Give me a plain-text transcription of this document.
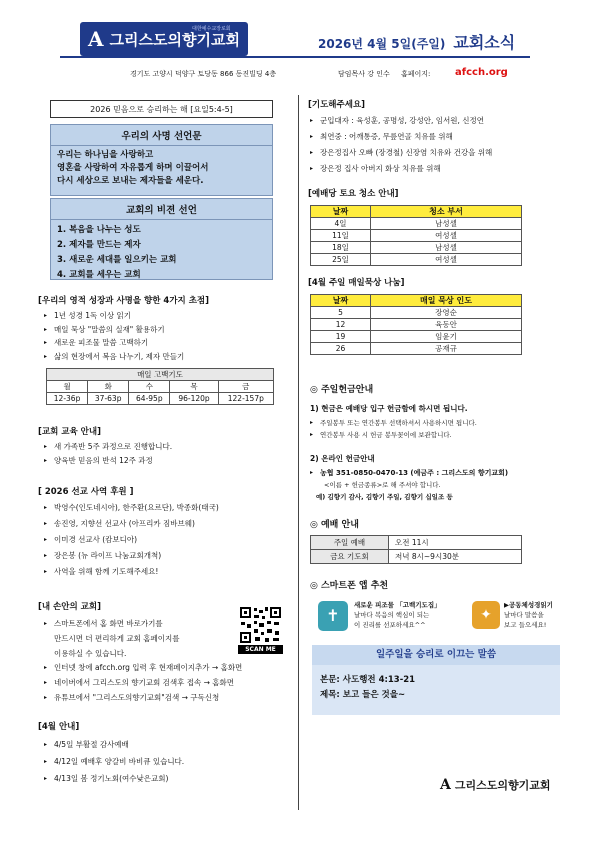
A 그리스도의향기교회
대한예수교장로회
2026년 4월 5일(주일) 교회소식
경기도 고양시 덕양구 토당동 866 동진빌딩 4층	담임목사 강 인수 홈페이지: afcch.org
2026 믿음으로 승리하는 해 [요일5:4-5]
우리의 사명 선언문
우리는 하나님을 사랑하고
영혼을 사랑하여 자유롭게 하며 이끌어서
다시 세상으로 보내는 제자들을 세운다.
교회의 비젼 선언
1. 복음을 나누는 성도
2. 제자를 만드는 제자
3. 새로운 세대를 일으키는 교회
4. 교회를 세우는 교회
[우리의 영적 성장과 사명을 향한 4가지 초점]
▸ 1년 성경 1독 이상 읽기
▸ 매일 묵상 "말씀의 실재" 활용하기
▸ 새로운 피조물 말씀 고백하기
▸ 삶의 현장에서 복음 나누기, 제자 만들기
매일 고백기도				
월	화	수	목	금
12-36p	37-63p	64-95p	96-120p	122-157p
[교회 교육 안내]
▸ 새 가족반 5주 과정으로 진행합니다.
▸ 양육반 믿음의 반석 12주 과정
[ 2026 선교 사역 후원 ]
▸ 박영수(인도네시아), 한주환(요르단), 박종화(태국)
▸ 송진영, 지향선 선교사 (아프리카 짐바브웨)
▸ 이미경 선교사 (캄보디아)
▸ 장은봉 (뉴 라이프 나눔교회개척)
▸ 사역을 위해 함께 기도해주세요!
[내 손안의 교회]
▸ 스마트폰에서 홈 화면 바로가기를
만드시면 더 편리하게 교회 홈페이지를
이용하실 수 있습니다.	SCAN ME
▸ 인터넷 창에 afcch.org 입력 후 현재페이지추가 → 홈화면
▸ 네이버에서 그리스도의 향기교회 검색후 접속 → 홈화면
▸ 유튜브에서 "그리스도의향기교회"검색 → 구독신청
[4월 안내]
▸ 4/5일 부활절 감사예배
▸ 4/12일 예배후 양갈비 바비큐 있습니다.
▸ 4/13일 봄 정기노회(여수낮은교회)
[기도해주세요]
▸ 군입대자 : 육성훈, 공명성, 강성안, 임서원, 신정연
▸ 최연중 : 어깨통증, 무릎연골 치유를 위해
▸ 장은정집사 오빠 (장경철) 신장염 치유와 건강을 위해
▸ 장은정 집사 아버지 화상 치유를 위해
[예배당 토요 청소 안내]
날짜	청소 부서
4일	남성셀
11일	여성셀
18일	남성셀
25일	여성셀
[4월 주일 매일묵상 나눔]
날짜	매일 묵상 인도
5	장영순
12	육동안
19	임윤기
26	공재규
◎ 주일헌금안내
1) 현금은 예배당 입구 헌금함에 하시면 됩니다.
▸ 주일봉투 또는 연간봉투 선택하셔서 사용하시면 됩니다.
▸ 연간봉투 사용 시 헌금 봉투꽂이에 보관합니다.
2) 온라인 헌금안내
▸ 농협 351-0850-0470-13 (예금주 : 그리스도의 향기교회)
<이름 + 헌금종류>로 해 주셔야 합니다.
예) 김향기 감사, 김향기 주일, 김향기 십일조 등
◎ 예배 안내
주일 예배	오전 11시
금요 기도회	저녁 8시~9시30분
◎ 스마트폰 앱 추천
✝
새로운 피조물 「고백기도집」
날마다 복음의 핵심이 되는
이 진리를 선포하세요^^
✦
▶공동체성경읽기
날마다 말씀을
보고 들으세요!
일주일을 승리로 이끄는 말씀
본문: 사도행전 4:13-21
제목: 보고 들은 것을~
A 그리스도의향기교회
